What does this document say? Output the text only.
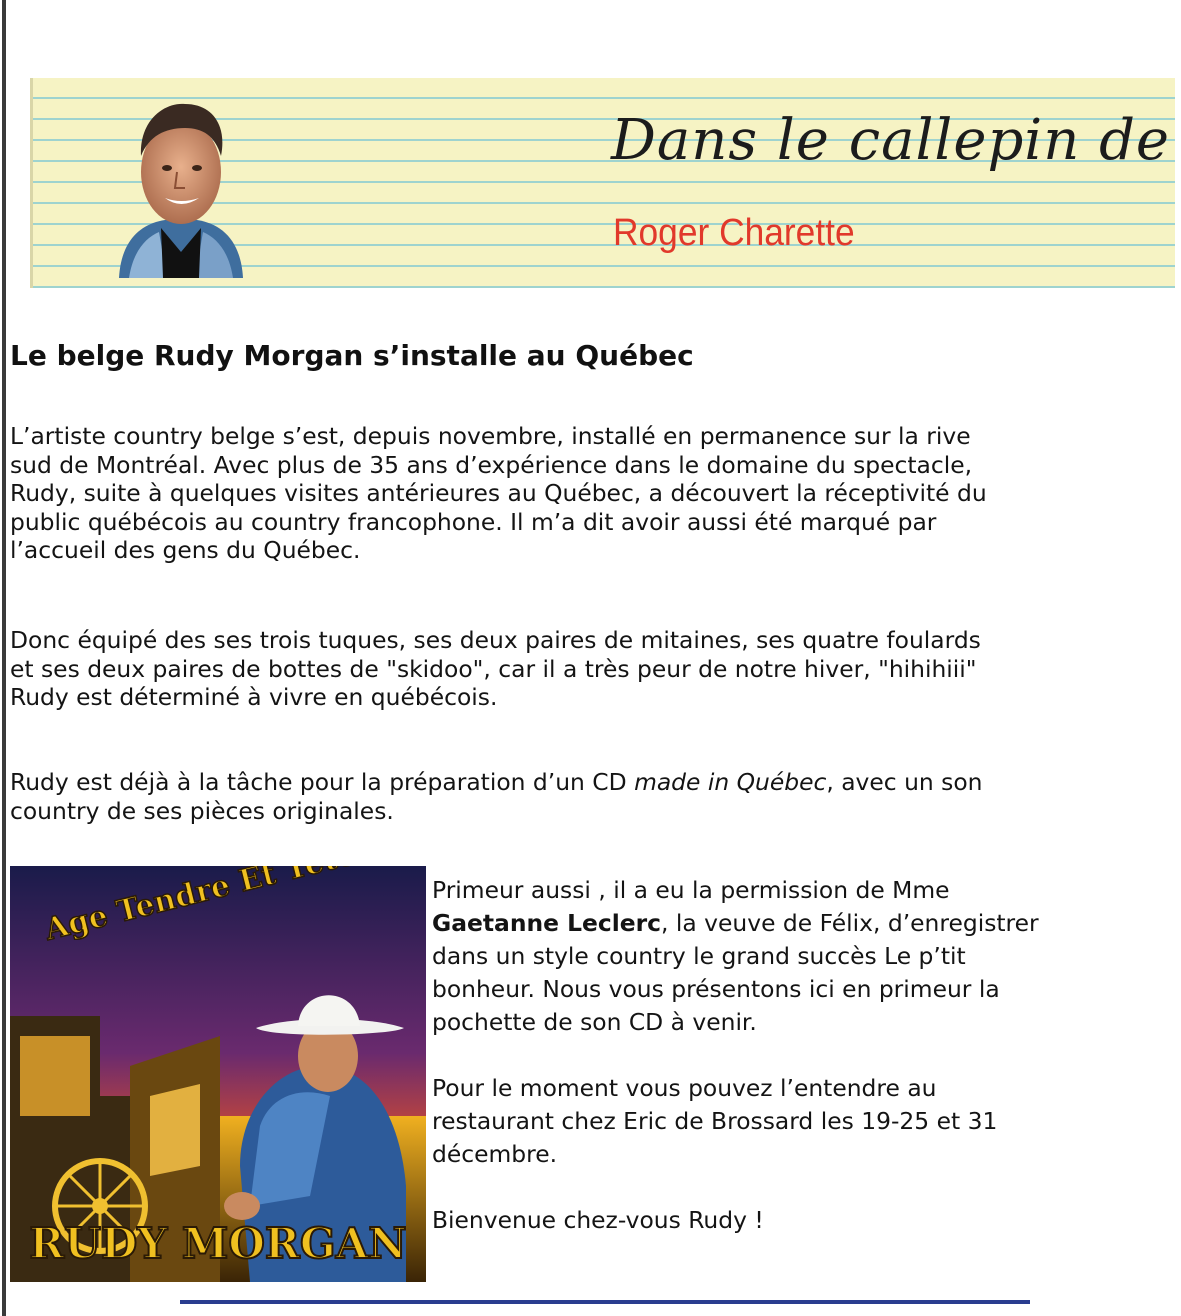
Dans le callepin de
Roger Charette
Le belge Rudy Morgan s’installe au Québec
L’artiste country belge s’est, depuis novembre, installé en permanence sur la rive
sud de Montréal. Avec plus de 35 ans d’expérience dans le domaine du spectacle,
Rudy, suite à quelques visites antérieures au Québec, a découvert la réceptivité du
public québécois au country francophone. Il m’a dit avoir aussi été marqué par
l’accueil des gens du Québec.
Donc équipé des ses trois tuques, ses deux paires de mitaines, ses quatre foulards
et ses deux paires de bottes de "skidoo", car il a très peur de notre hiver, "hihihiii"
Rudy est déterminé à vivre en québécois.
Rudy est déjà à la tâche pour la préparation d’un CD made in Québec, avec un son
country de ses pièces originales.
RUDY MORGAN
Primeur aussi , il a eu la permission de Mme
Gaetanne Leclerc, la veuve de Félix, d’enregistrer
dans un style country le grand succès Le p’tit
bonheur. Nous vous présentons ici en primeur la
pochette de son CD à venir.
Pour le moment vous pouvez l’entendre au
restaurant chez Eric de Brossard les 19-25 et 31
décembre.
Bienvenue chez-vous Rudy !
